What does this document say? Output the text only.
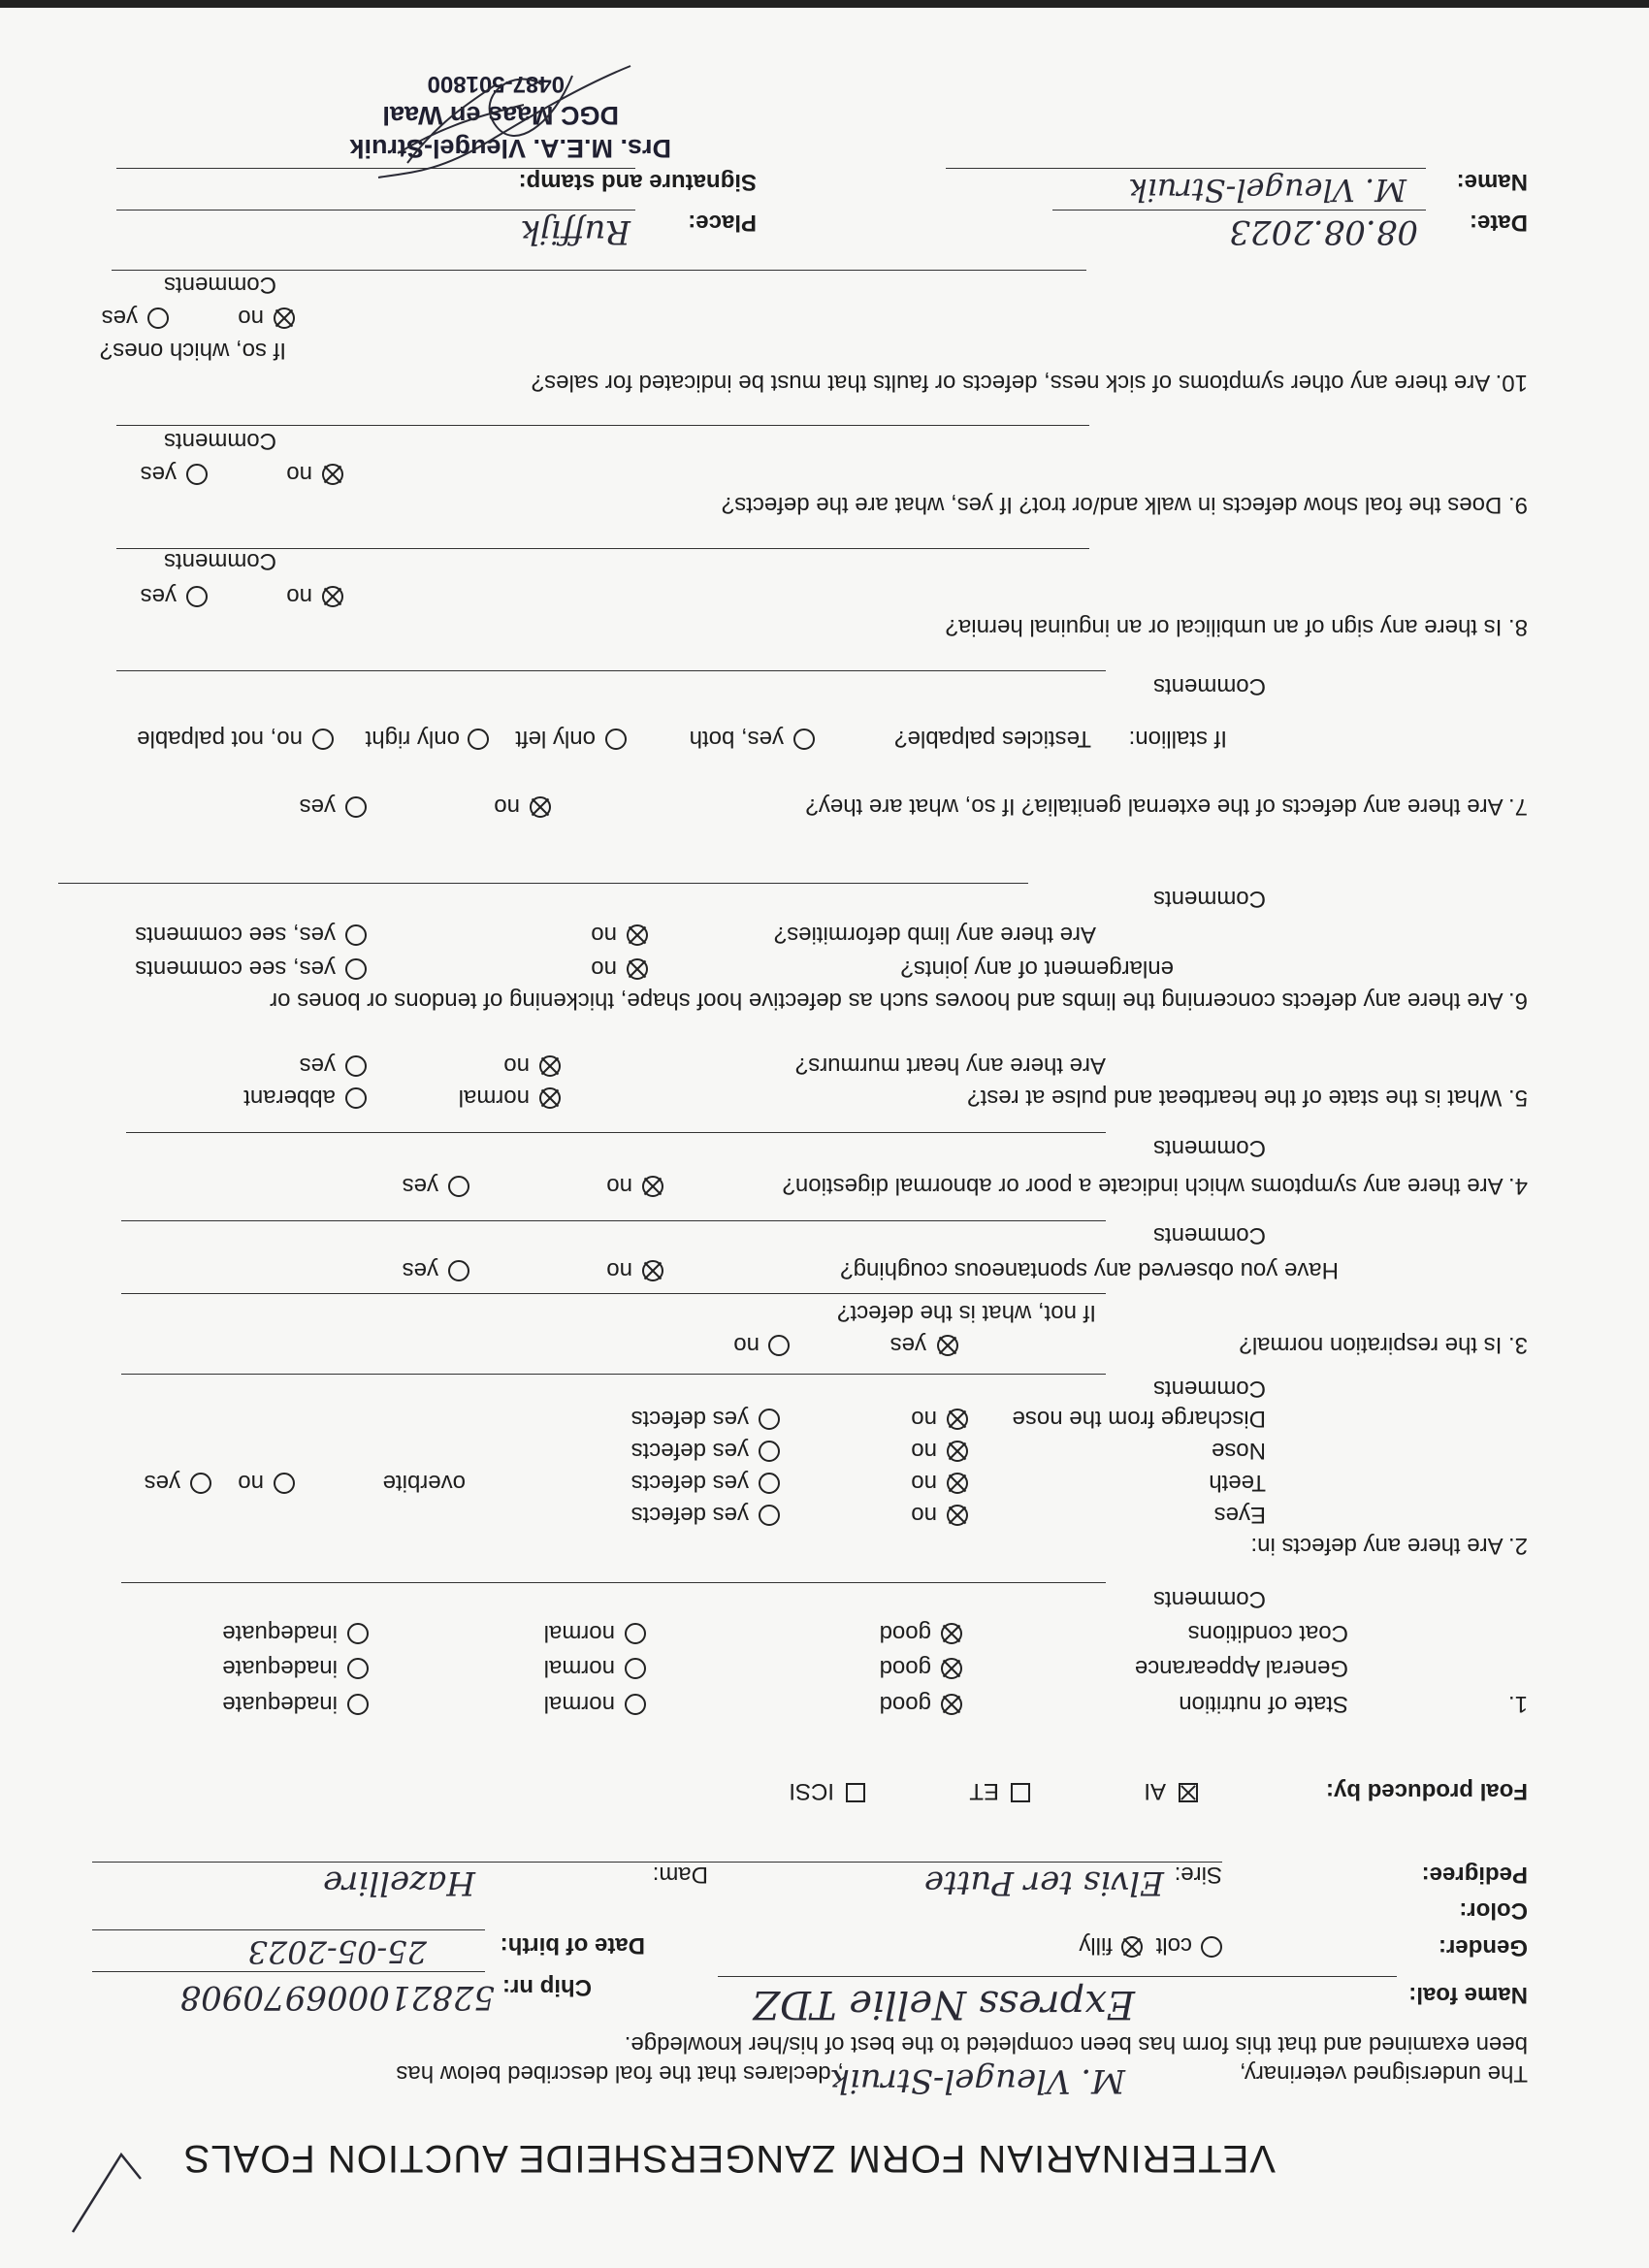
VETERINARIAN FORM ZANGERSHEIDE AUCTION FOALS
The undersigned veterinary,
M. Vleugel-Struik
, declares that the foal described below has
been examined and that this form has been completed to the best of his/her knowledge.
Name foal:
Express Nellie TDZ
Chip nr:
528210006970908
Gender:
colt
filly
Date of birth:
25-05-2023
Color:
Pedigree:
Sire:
Elvis ter Putte
Dam:
Hazellire
Foal produced by:
AI
ET
ICSI
1.
State of nutrition
good
normal
inadequate
General Appearance
good
normal
inadequate
Coat conditions
good
normal
inadequate
Comments
2. Are there any defects in:
Eyes
no
yes defects
Teeth
no
yes defects
overbite
no
yes
Nose
no
yes defects
Discharge from the nose
no
yes defects
Comments
3. Is the respiration normal?
yes
no
If not, what is the defect?
Have you observed any spontaneous coughing?
no
yes
Comments
4. Are there any symptoms which indicate a poor or abnormal digestion?
no
yes
Comments
5. What is the state of the heartbeat and pulse at rest?
normal
abberant
Are there any heart murmurs?
no
yes
6. Are there any defects concerning the limbs and hooves such as defective hoof shape, thickening of tendons or bones or
enlargement of any joints?
no
yes, see comments
Are there any limb deformities?
no
yes, see comments
Comments
7. Are there any defects of the external genitalia? If so, what are they?
no
yes
If stallion:
Testicles palpable?
yes, both
only left
only right
no, not palpable
Comments
8. Is there any sign of an umbilical or an inguinal hernia?
no
yes
Comments
9. Does the foal show defects in walk and/or trot? If yes, what are the defects?
no
yes
Comments
10. Are there any other symptoms of sick ness, defects or faults that must be indicated for sales?
If so, which ones?
no
yes
Comments
Date:
08.08.2023
Place:
Ruffijk
Name:
M. Vleugel-Struik
Signature and stamp:
Drs. M.E.A. Vleugel-Struik
DGC Maas en Waal
0487-501800
